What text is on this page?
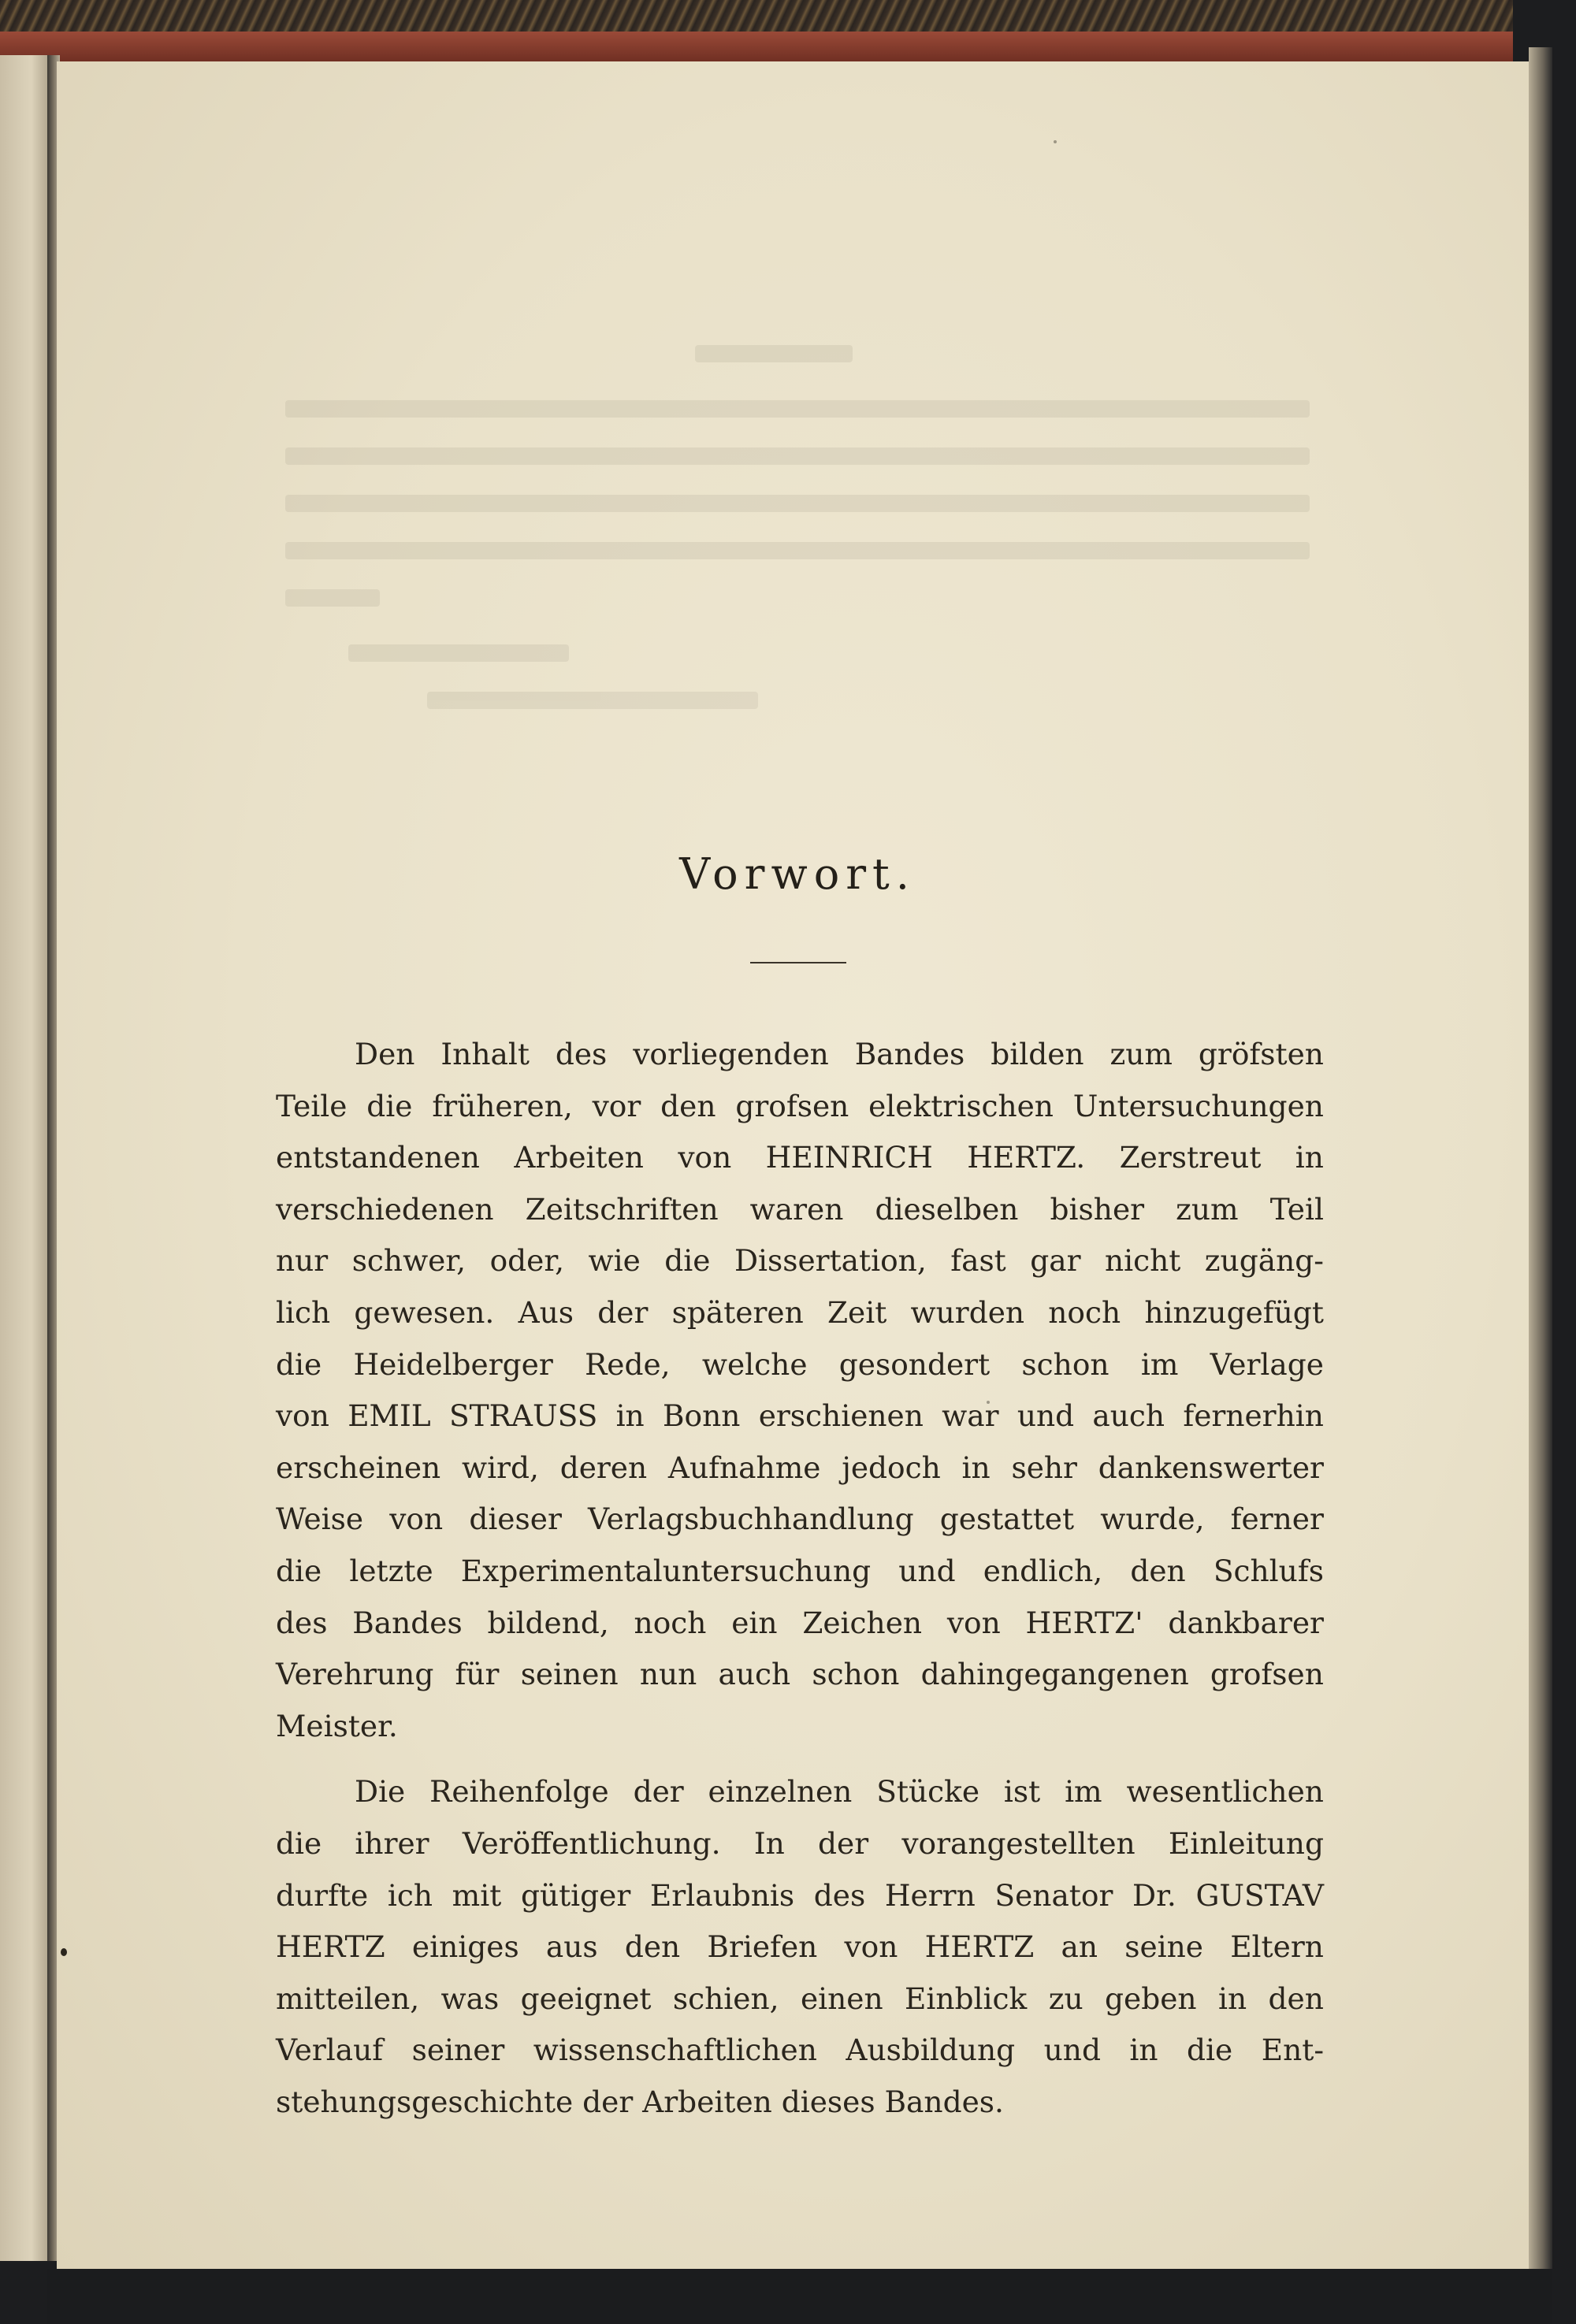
Vorwort.
Den Inhalt des vorliegenden Bandes bilden zum gröfsten
Teile die früheren, vor den grofsen elektrischen Untersuchungen
entstandenen Arbeiten von HEINRICH HERTZ. Zerstreut in
verschiedenen Zeitschriften waren dieselben bisher zum Teil
nur schwer, oder, wie die Dissertation, fast gar nicht zugäng-
lich gewesen. Aus der späteren Zeit wurden noch hinzugefügt
die Heidelberger Rede, welche gesondert schon im Verlage
von EMIL STRAUSS in Bonn erschienen war und auch fernerhin
erscheinen wird, deren Aufnahme jedoch in sehr dankenswerter
Weise von dieser Verlagsbuchhandlung gestattet wurde, ferner
die letzte Experimentaluntersuchung und endlich, den Schlufs
des Bandes bildend, noch ein Zeichen von HERTZ' dankbarer
Verehrung für seinen nun auch schon dahingegangenen grofsen
Meister.
Die Reihenfolge der einzelnen Stücke ist im wesentlichen
die ihrer Veröffentlichung. In der vorangestellten Einleitung
durfte ich mit gütiger Erlaubnis des Herrn Senator Dr. GUSTAV
HERTZ einiges aus den Briefen von HERTZ an seine Eltern
mitteilen, was geeignet schien, einen Einblick zu geben in den
Verlauf seiner wissenschaftlichen Ausbildung und in die Ent-
stehungsgeschichte der Arbeiten dieses Bandes.
